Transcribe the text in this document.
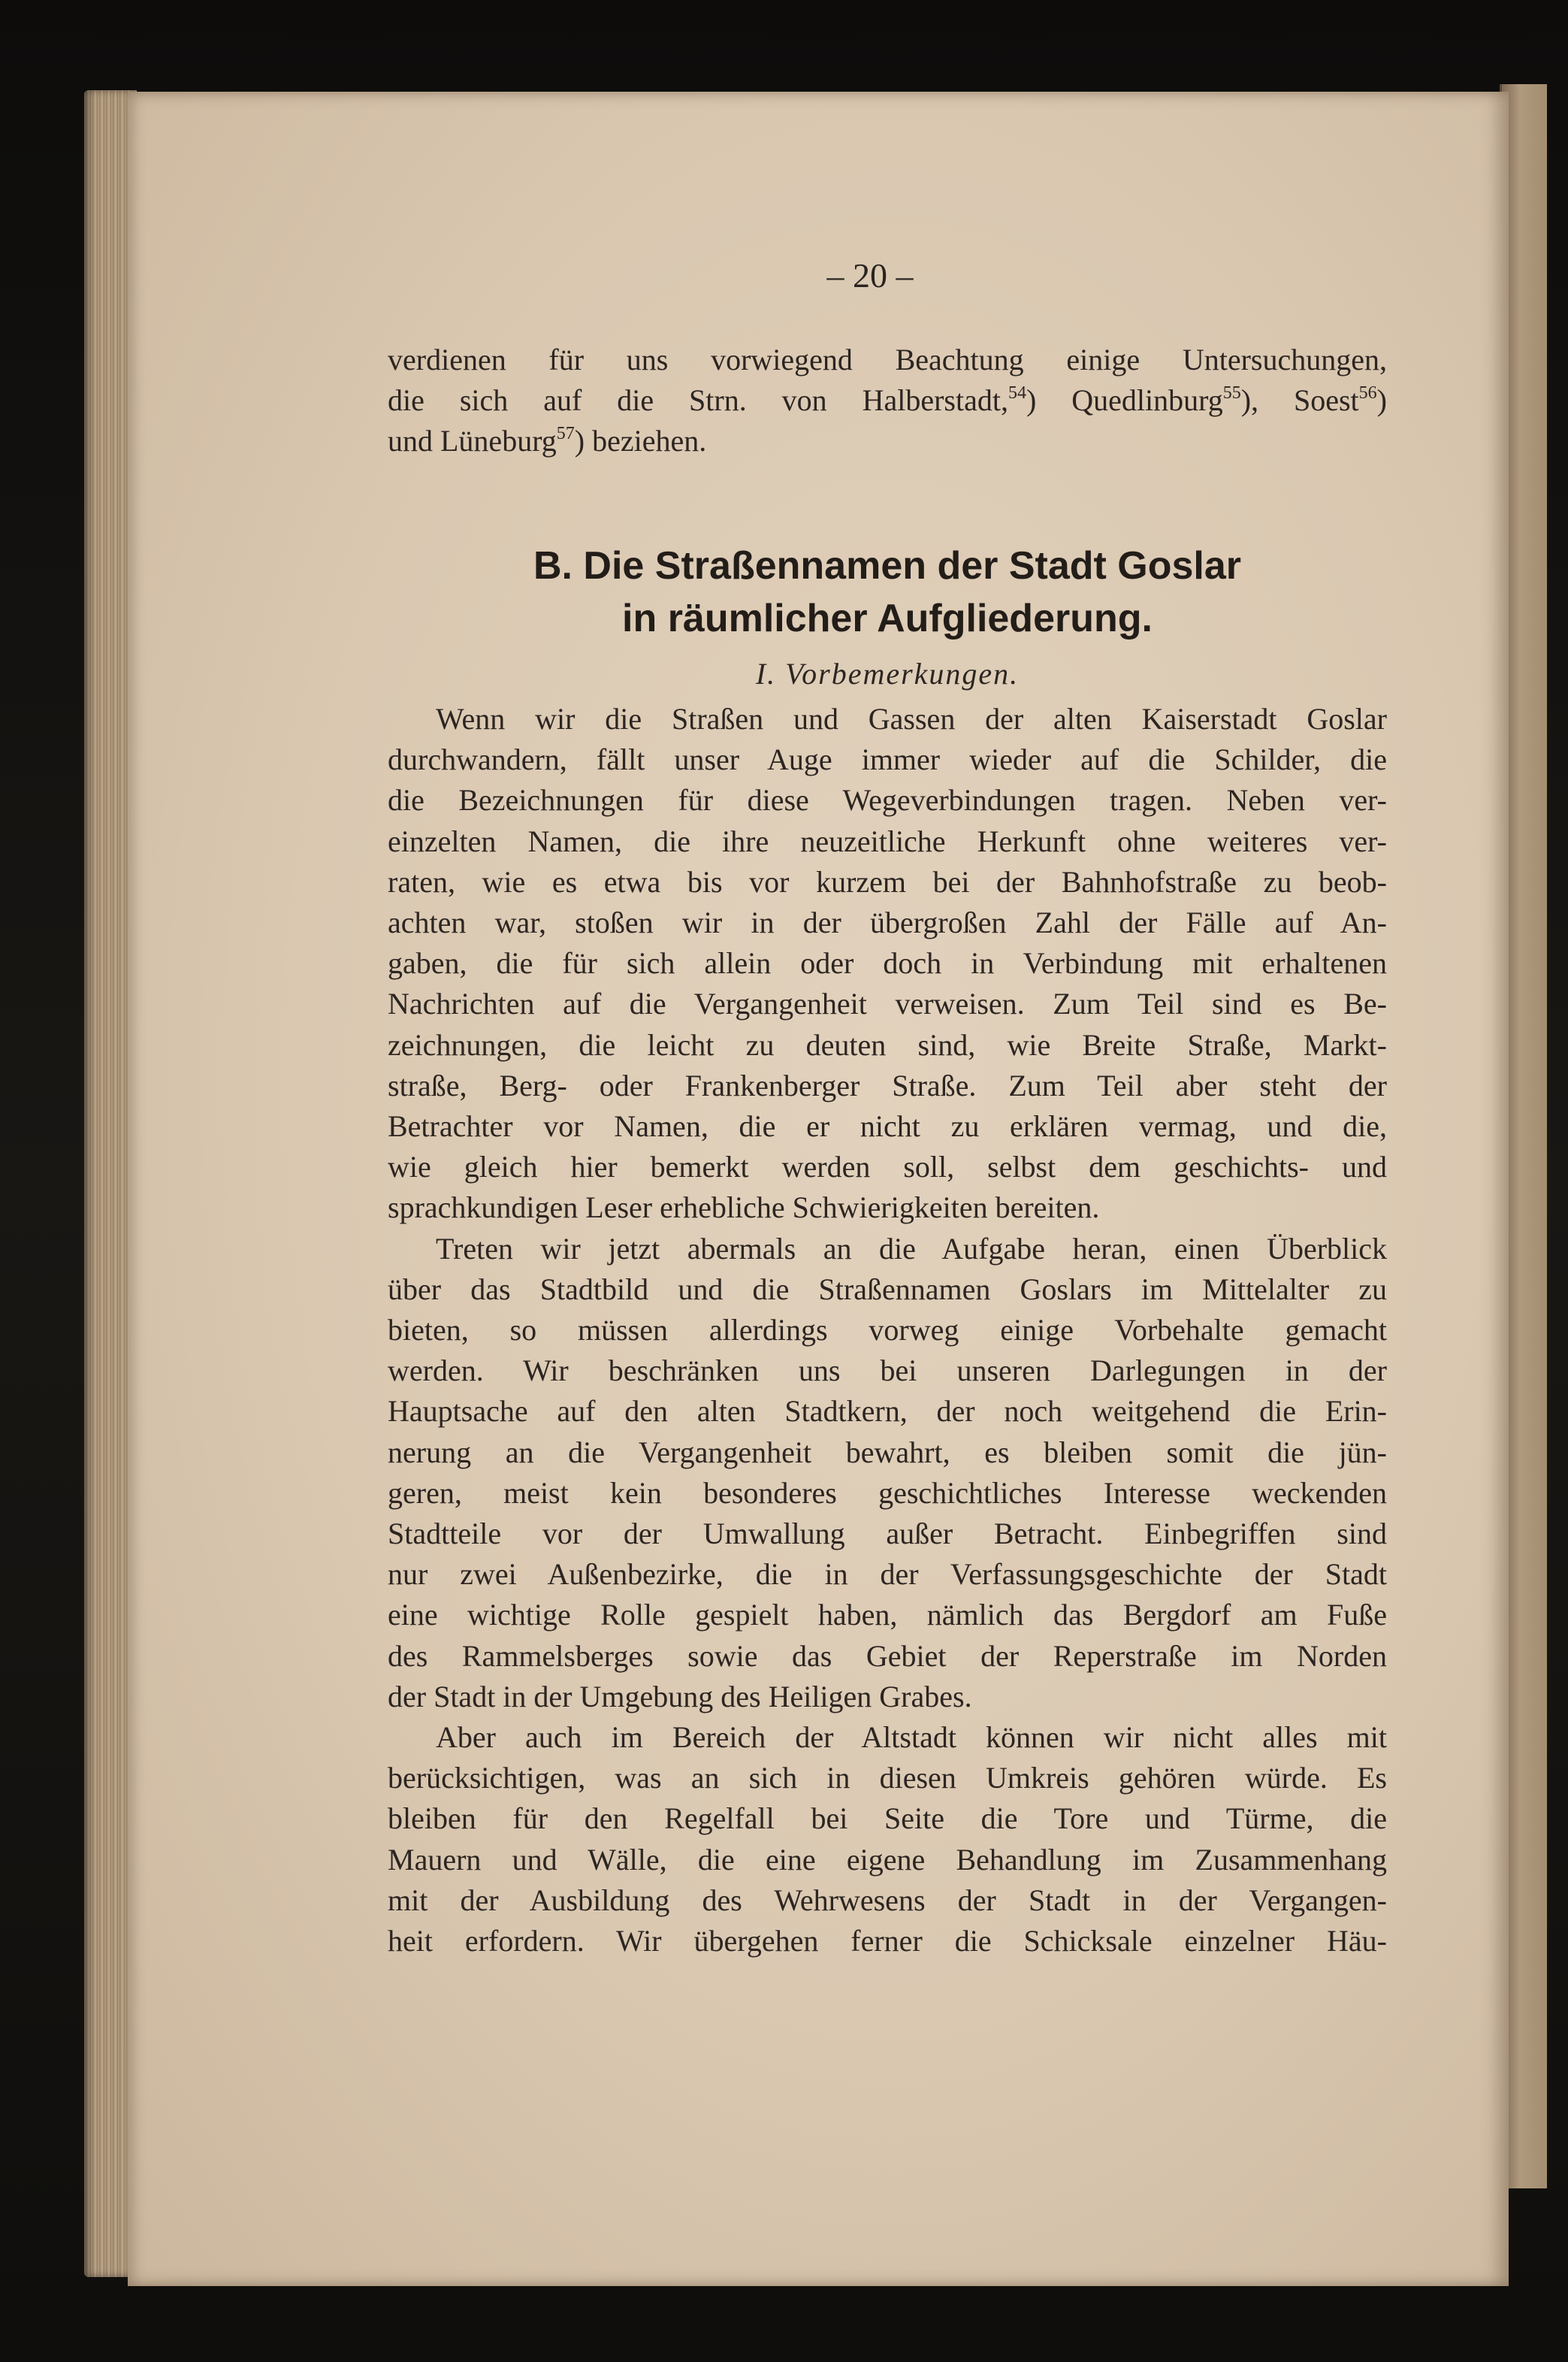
– 20 –
verdienen für uns vorwiegend Beachtung einige Untersuchungen,
die sich auf die Strn. von Halberstadt,$^{54}$) Quedlinburg$^{55}$), Soest$^{56}$)
und Lüneburg$^{57}$) beziehen.
B. Die Straßennamen der Stadt Goslar
in räumlicher Aufgliederung.
I. Vorbemerkungen.
Wenn wir die Straßen und Gassen der alten Kaiserstadt Goslar
durchwandern, fällt unser Auge immer wieder auf die Schilder, die
die Bezeichnungen für diese Wegeverbindungen tragen. Neben ver-
einzelten Namen, die ihre neuzeitliche Herkunft ohne weiteres ver-
raten, wie es etwa bis vor kurzem bei der Bahnhofstraße zu beob-
achten war, stoßen wir in der übergroßen Zahl der Fälle auf An-
gaben, die für sich allein oder doch in Verbindung mit erhaltenen
Nachrichten auf die Vergangenheit verweisen. Zum Teil sind es Be-
zeichnungen, die leicht zu deuten sind, wie Breite Straße, Markt-
straße, Berg- oder Frankenberger Straße. Zum Teil aber steht der
Betrachter vor Namen, die er nicht zu erklären vermag, und die,
wie gleich hier bemerkt werden soll, selbst dem geschichts- und
sprachkundigen Leser erhebliche Schwierigkeiten bereiten.
Treten wir jetzt abermals an die Aufgabe heran, einen Überblick
über das Stadtbild und die Straßennamen Goslars im Mittelalter zu
bieten, so müssen allerdings vorweg einige Vorbehalte gemacht
werden. Wir beschränken uns bei unseren Darlegungen in der
Hauptsache auf den alten Stadtkern, der noch weitgehend die Erin-
nerung an die Vergangenheit bewahrt, es bleiben somit die jün-
geren, meist kein besonderes geschichtliches Interesse weckenden
Stadtteile vor der Umwallung außer Betracht. Einbegriffen sind
nur zwei Außenbezirke, die in der Verfassungsgeschichte der Stadt
eine wichtige Rolle gespielt haben, nämlich das Bergdorf am Fuße
des Rammelsberges sowie das Gebiet der Reperstraße im Norden
der Stadt in der Umgebung des Heiligen Grabes.
Aber auch im Bereich der Altstadt können wir nicht alles mit
berücksichtigen, was an sich in diesen Umkreis gehören würde. Es
bleiben für den Regelfall bei Seite die Tore und Türme, die
Mauern und Wälle, die eine eigene Behandlung im Zusammenhang
mit der Ausbildung des Wehrwesens der Stadt in der Vergangen-
heit erfordern. Wir übergehen ferner die Schicksale einzelner Häu-
